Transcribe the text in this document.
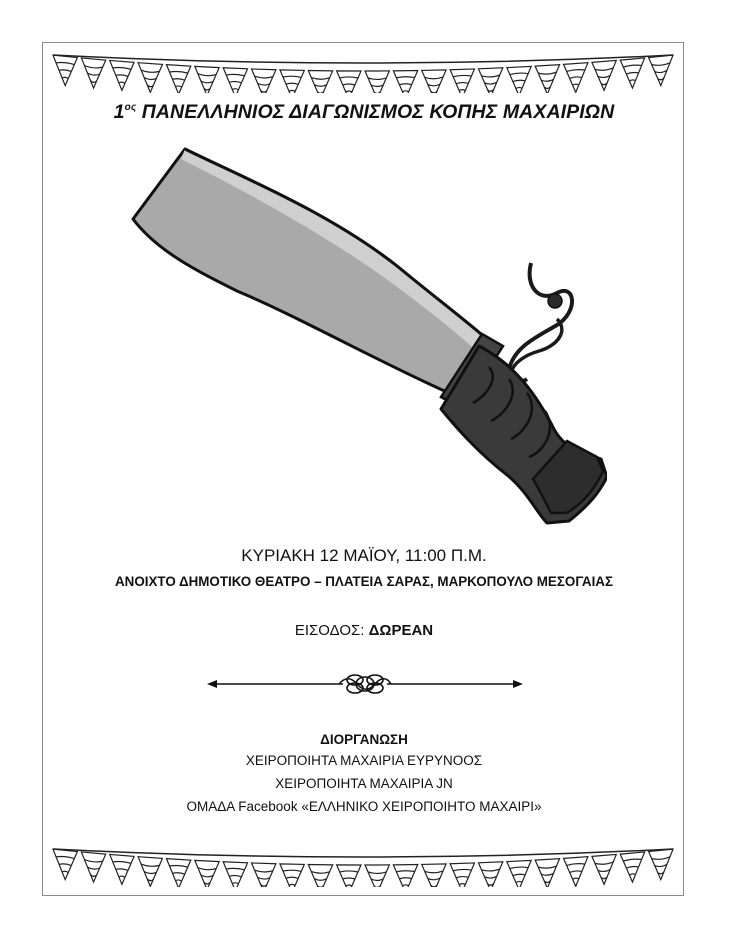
$1^{o\varsigma}$ ΠΑΝΕΛΛΗΝΙΟΣ ΔΙΑΓΩΝΙΣΜΟΣ ΚΟΠΗΣ ΜΑΧΑΙΡΙΩΝ
ΚΥΡΙΑΚΗ 12 ΜΑΪΟΥ, 11:00 Π.Μ.
ΑΝΟΙΧΤΟ ΔΗΜΟΤΙΚΟ ΘΕΑΤΡΟ – ΠΛΑΤΕΙΑ ΣΑΡΑΣ, ΜΑΡΚΟΠΟΥΛΟ ΜΕΣΟΓΑΙΑΣ
ΕΙΣΟΔΟΣ: ΔΩΡΕΑΝ
ΔΙΟΡΓΑΝΩΣΗ
ΧΕΙΡΟΠΟΙΗΤΑ ΜΑΧΑΙΡΙΑ ΕΥΡΥΝΟΟΣ
ΧΕΙΡΟΠΟΙΗΤΑ ΜΑΧΑΙΡΙΑ JN
ΟΜΑΔΑ Facebook «ΕΛΛΗΝΙΚΟ ΧΕΙΡΟΠΟΙΗΤΟ ΜΑΧΑΙΡΙ»
